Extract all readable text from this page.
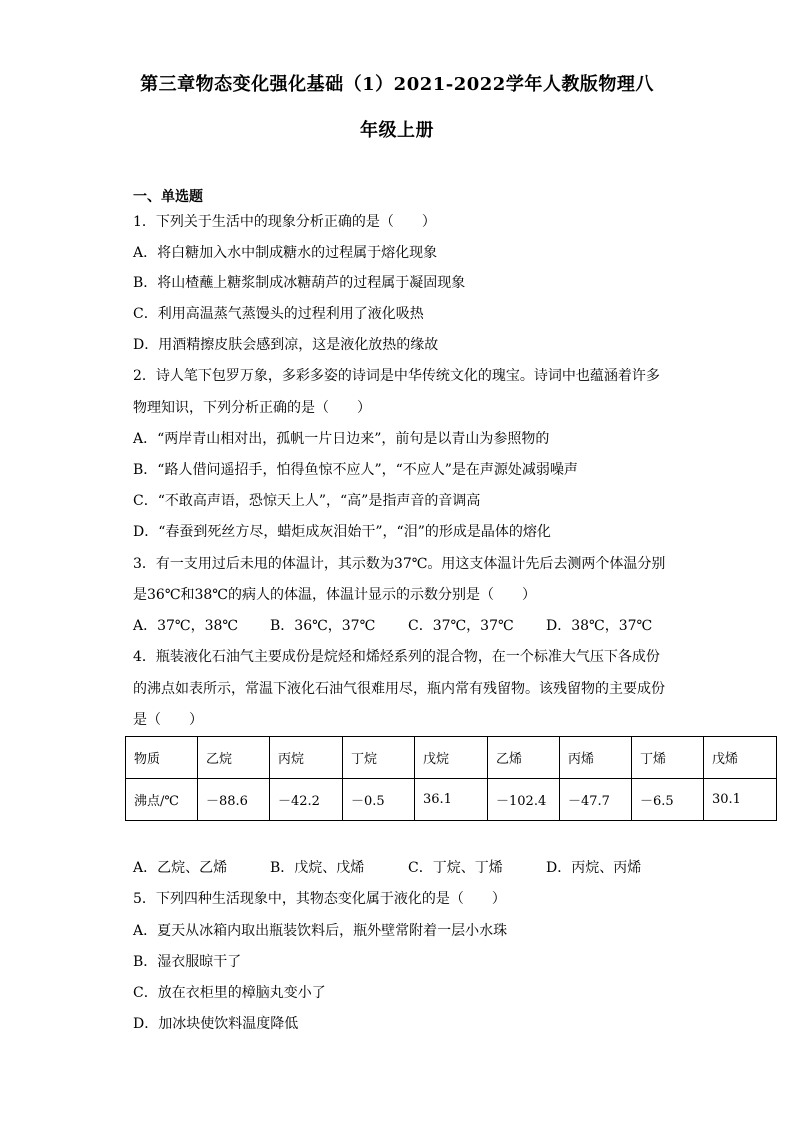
第三章物态变化强化基础（1）2021-2022学年人教版物理八
年级上册
一、单选题
1．下列关于生活中的现象分析正确的是（　　）
A．将白糖加入水中制成糖水的过程属于熔化现象
B．将山楂蘸上糖浆制成冰糖葫芦的过程属于凝固现象
C．利用高温蒸气蒸馒头的过程利用了液化吸热
D．用酒精擦皮肤会感到凉，这是液化放热的缘故
2．诗人笔下包罗万象，多彩多姿的诗词是中华传统文化的瑰宝。诗词中也蕴涵着许多
物理知识，下列分析正确的是（　　）
A．“两岸青山相对出，孤帆一片日边来”，前句是以青山为参照物的
B．“路人借问遥招手，怕得鱼惊不应人”，“不应人”是在声源处减弱噪声
C．“不敢高声语，恐惊天上人”，“高”是指声音的音调高
D．“春蚕到死丝方尽，蜡炬成灰泪始干”，“泪”的形成是晶体的熔化
3．有一支用过后未甩的体温计，其示数为37℃。用这支体温计先后去测两个体温分别
是36℃和38℃的病人的体温，体温计显示的示数分别是（　　）
A．37℃，38℃ B．36℃，37℃ C．37℃，37℃ D．38℃，37℃
4．瓶装液化石油气主要成份是烷烃和烯烃系列的混合物，在一个标准大气压下各成份
的沸点如表所示，常温下液化石油气很难用尽，瓶内常有残留物。该残留物的主要成份
是（　　）
物质	乙烷	丙烷	丁烷	戊烷	乙烯	丙烯	丁烯	戊烯
沸点/℃	－88.6	－42.2	－0.5	36.1	－102.4	－47.7	－6.5	30.1
A．乙烷、乙烯	B．戊烷、戊烯	C．丁烷、丁烯	D．丙烷、丙烯
5．下列四种生活现象中，其物态变化属于液化的是（　　）
A．夏天从冰箱内取出瓶装饮料后，瓶外壁常附着一层小水珠
B．湿衣服晾干了
C．放在衣柜里的樟脑丸变小了
D．加冰块使饮料温度降低
